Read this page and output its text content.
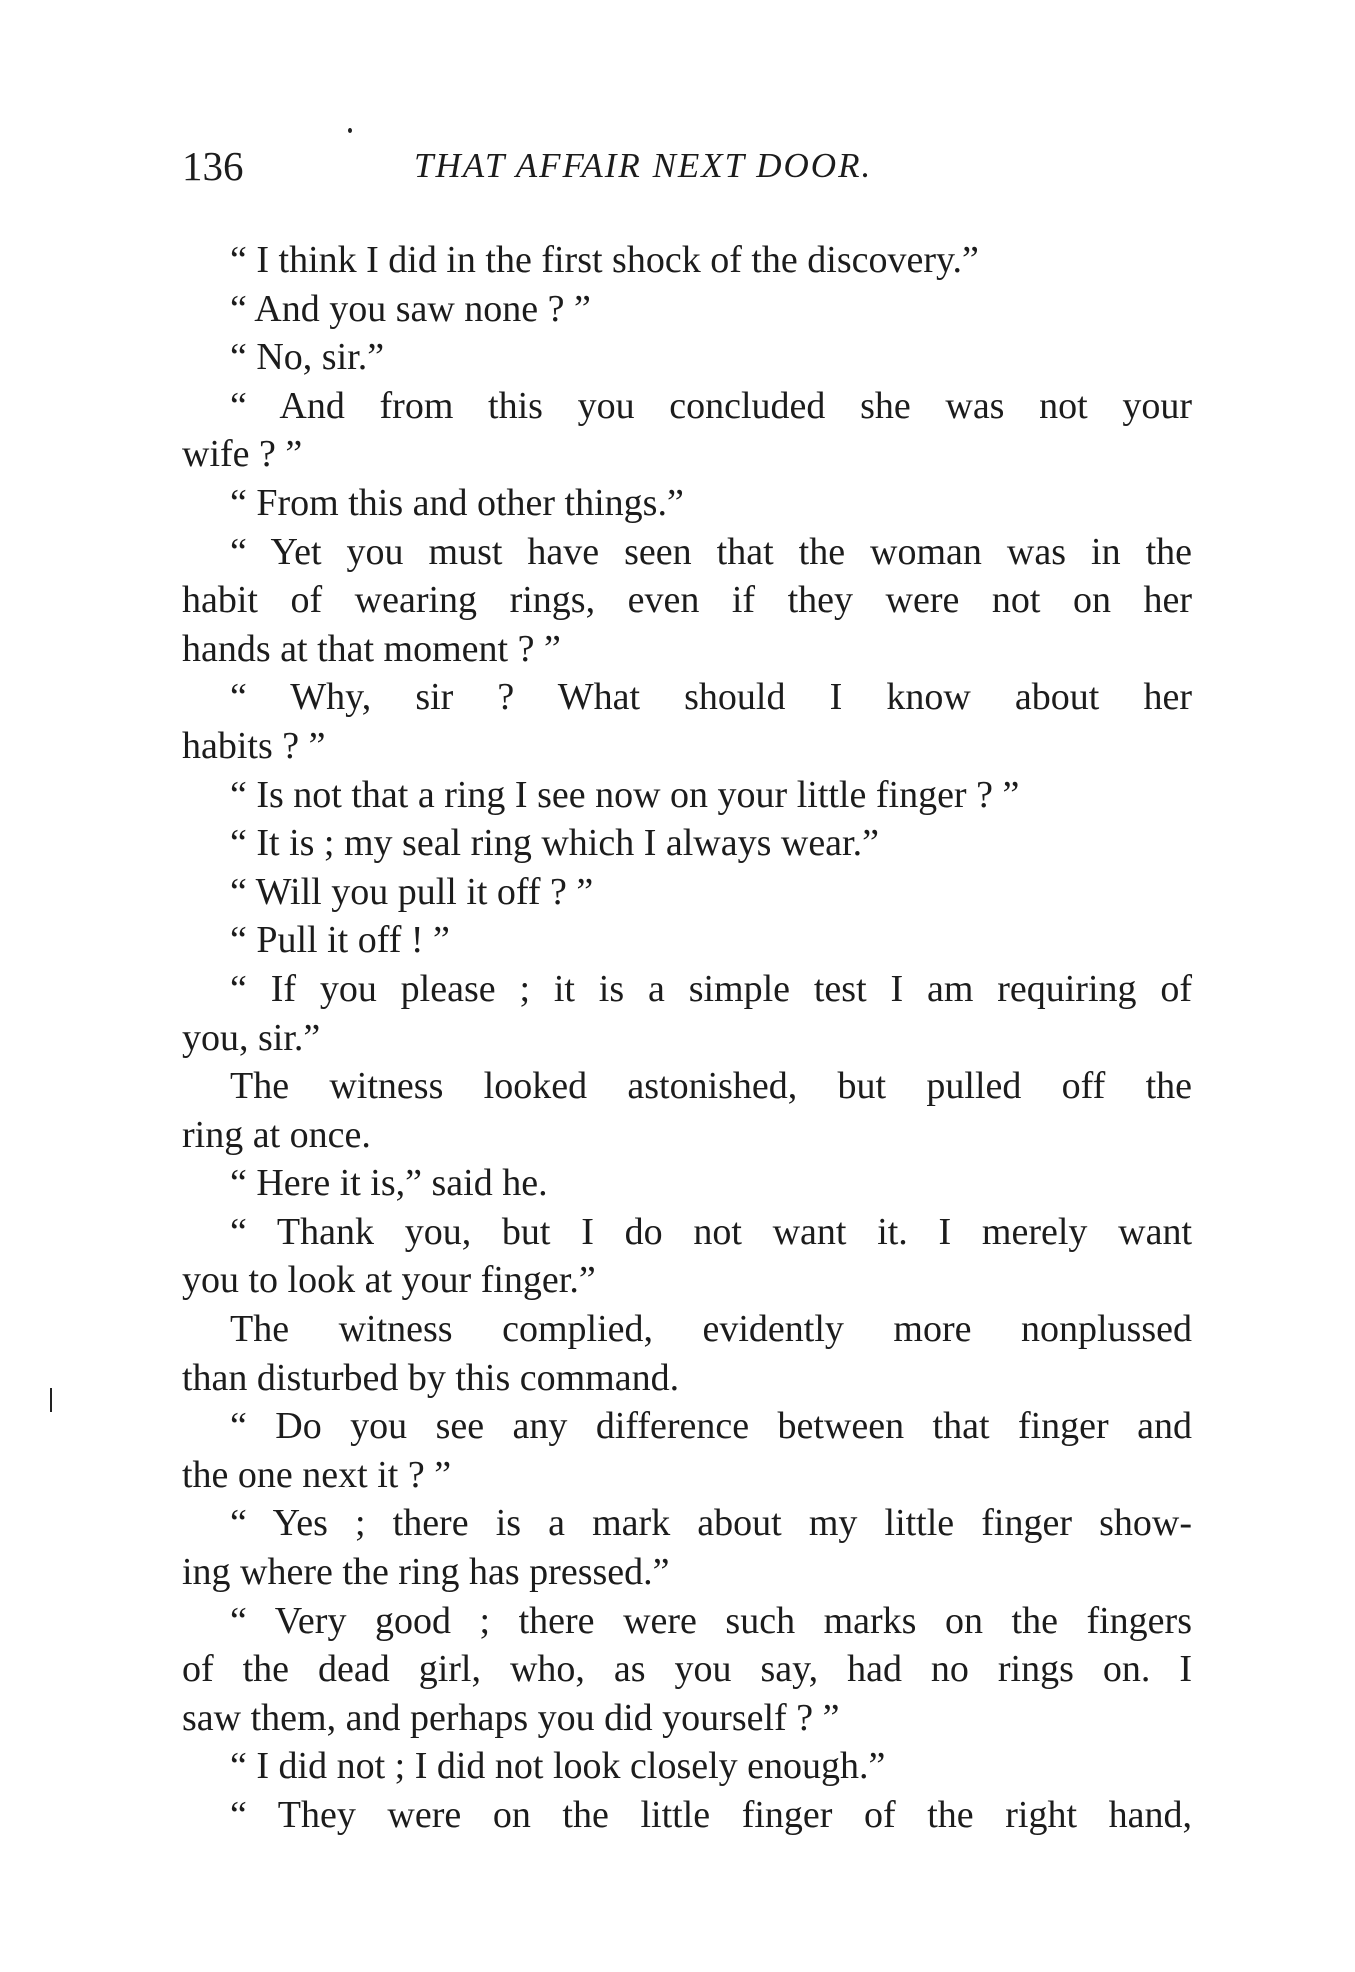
136	THAT AFFAIR NEXT DOOR.
“ I think I did in the first shock of the discovery.”
“ And you saw none ? ”
“ No, sir.”
“ And from this you concluded she was not your
wife ? ”
“ From this and other things.”
“ Yet you must have seen that the woman was in the
habit of wearing rings, even if they were not on her
hands at that moment ? ”
“ Why, sir ? What should I know about her
habits ? ”
“ Is not that a ring I see now on your little finger ? ”
“ It is ; my seal ring which I always wear.”
“ Will you pull it off ? ”
“ Pull it off ! ”
“ If you please ; it is a simple test I am requiring of
you, sir.”
The witness looked astonished, but pulled off the
ring at once.
“ Here it is,” said he.
“ Thank you, but I do not want it. I merely want
you to look at your finger.”
The witness complied, evidently more nonplussed
than disturbed by this command.
“ Do you see any difference between that finger and
the one next it ? ”
“ Yes ; there is a mark about my little finger show-
ing where the ring has pressed.”
“ Very good ; there were such marks on the fingers
of the dead girl, who, as you say, had no rings on. I
saw them, and perhaps you did yourself ? ”
“ I did not ; I did not look closely enough.”
“ They were on the little finger of the right hand,
